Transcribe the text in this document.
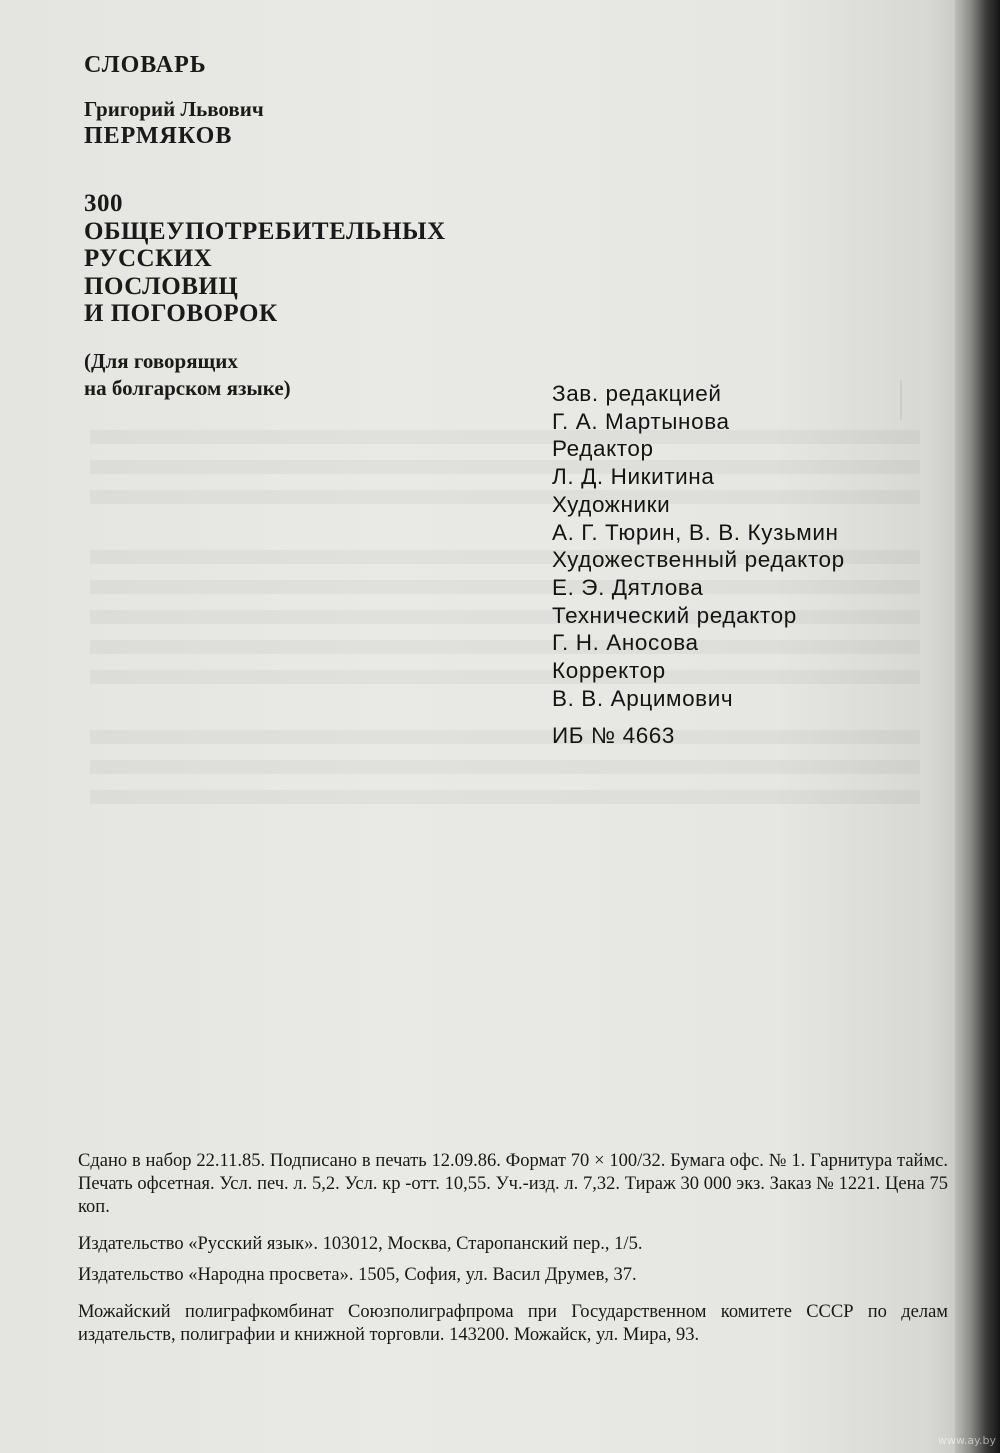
СЛОВАРЬ

Григорий Львович

ПЕРМЯКОВ

300
ОБЩЕУПОТРЕБИТЕЛЬНЫХ
РУССКИХ
ПОСЛОВИЦ
И ПОГОВОРОК
(Для говорящих
на болгарском языке)	Зав. редакцией
Г. А. Мартынова
Редактор
Л. Д. Никитина
Художники
А. Г. Тюрин, В. В. Кузьмин
Художественный редактор
Е. Э. Дятлова
Технический редактор
Г. Н. Аносова
Корректор
В. В. Арцимович
ИБ № 4663

Сдано в набор 22.11.85. Подписано в печать 12.09.86. Формат 70 × 100/32. Бумага офс. № 1. Гарнитура таймс. Печать офсетная. Усл. печ. л. 5,2. Усл. кр -отт. 10,55. Уч.-изд. л. 7,32. Тираж 30 000 экз. Заказ № 1221. Цена 75 коп.

Издательство «Русский язык». 103012, Москва, Старопанский пер., 1/5.

Издательство «Народна просвета». 1505, София, ул. Васил Друмев, 37.

Можайский полиграфкомбинат Союзполиграфпрома при Государственном комитете СССР по делам издательств, полиграфии и книжной торговли. 143200. Можайск, ул. Мира, 93.

www.ay.by
